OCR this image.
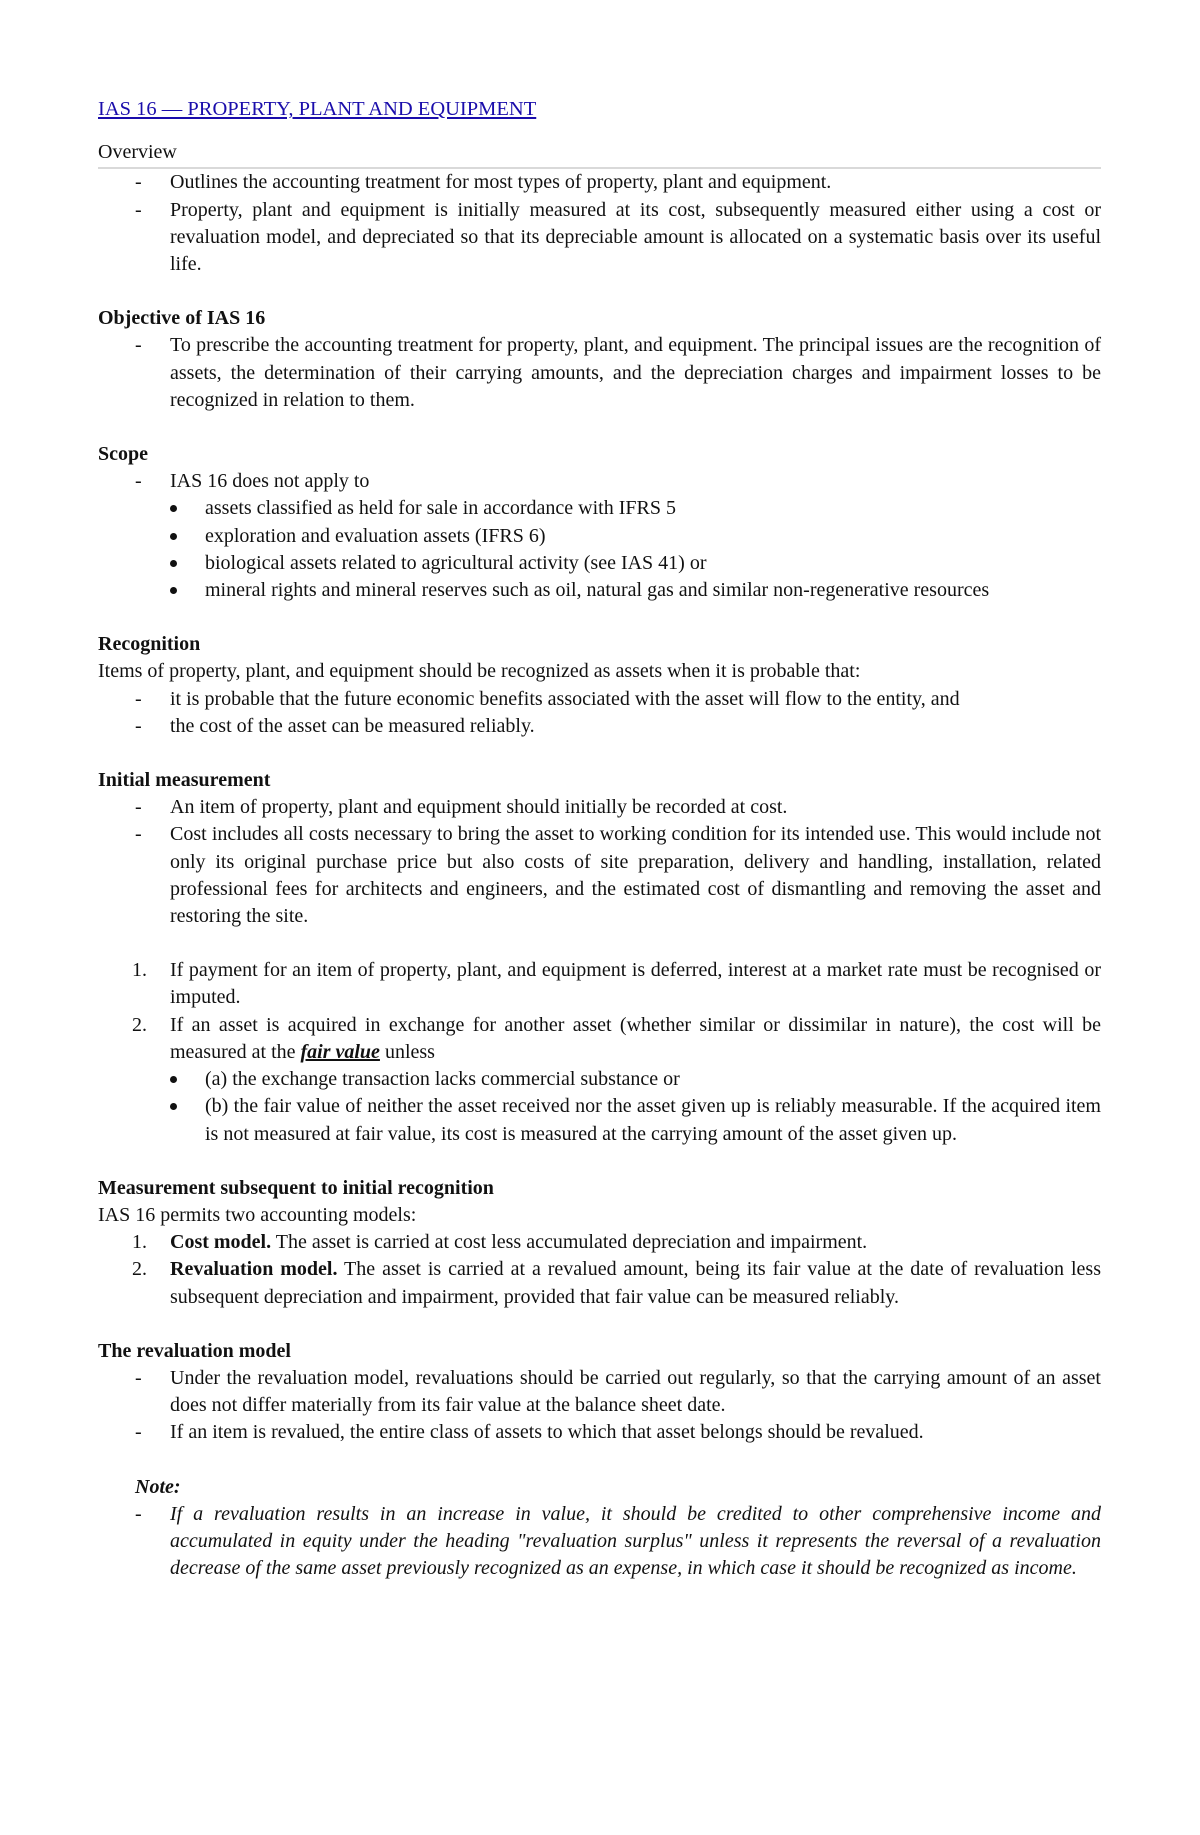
IAS 16 — PROPERTY, PLANT AND EQUIPMENT

Overview

- Outlines the accounting treatment for most types of property, plant and equipment.
- Property, plant and equipment is initially measured at its cost, subsequently measured either using a cost or revaluation model, and depreciated so that its depreciable amount is allocated on a systematic basis over its useful life.

Objective of IAS 16

- To prescribe the accounting treatment for property, plant, and equipment. The principal issues are the recognition of assets, the determination of their carrying amounts, and the depreciation charges and impairment losses to be recognized in relation to them.

Scope

- IAS 16 does not apply to
assets classified as held for sale in accordance with IFRS 5
exploration and evaluation assets (IFRS 6)
biological assets related to agricultural activity (see IAS 41) or
mineral rights and mineral reserves such as oil, natural gas and similar non-regenerative resources

Recognition

Items of property, plant, and equipment should be recognized as assets when it is probable that:

- it is probable that the future economic benefits associated with the asset will flow to the entity, and
- the cost of the asset can be measured reliably.

Initial measurement

- An item of property, plant and equipment should initially be recorded at cost.
- Cost includes all costs necessary to bring the asset to working condition for its intended use. This would include not only its original purchase price but also costs of site preparation, delivery and handling, installation, related professional fees for architects and engineers, and the estimated cost of dismantling and removing the asset and restoring the site.
1. If payment for an item of property, plant, and equipment is deferred, interest at a market rate must be recognised or imputed.
2. If an asset is acquired in exchange for another asset (whether similar or dissimilar in nature), the cost will be measured at the fair value unless
(a) the exchange transaction lacks commercial substance or
(b) the fair value of neither the asset received nor the asset given up is reliably measurable. If the acquired item is not measured at fair value, its cost is measured at the carrying amount of the asset given up.

Measurement subsequent to initial recognition

IAS 16 permits two accounting models:

1. Cost model. The asset is carried at cost less accumulated depreciation and impairment.
2. Revaluation model. The asset is carried at a revalued amount, being its fair value at the date of revaluation less subsequent depreciation and impairment, provided that fair value can be measured reliably.

The revaluation model

- Under the revaluation model, revaluations should be carried out regularly, so that the carrying amount of an asset does not differ materially from its fair value at the balance sheet date.
- If an item is revalued, the entire class of assets to which that asset belongs should be revalued.

Note:

- If a revaluation results in an increase in value, it should be credited to other comprehensive income and accumulated in equity under the heading "revaluation surplus" unless it represents the reversal of a revaluation decrease of the same asset previously recognized as an expense, in which case it should be recognized as income.
